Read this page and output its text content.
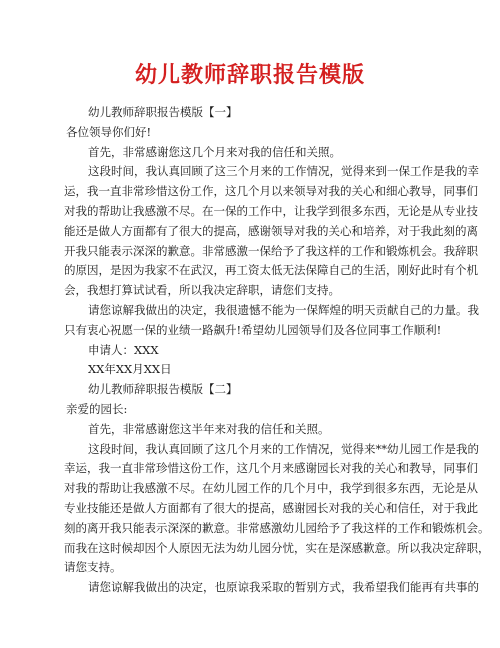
幼儿教师辞职报告模版
幼儿教师辞职报告模版【一】
各位领导你们好!
首先，非常感谢您这几个月来对我的信任和关照。
这段时间，我认真回顾了这三个月来的工作情况，觉得来到一保工作是我的幸
运，我一直非常珍惜这份工作，这几个月以来领导对我的关心和细心教导，同事们
对我的帮助让我感激不尽。在一保的工作中，让我学到很多东西，无论是从专业技
能还是做人方面都有了很大的提高，感谢领导对我的关心和培养，对于我此刻的离
开我只能表示深深的歉意。非常感激一保给予了我这样的工作和锻炼机会。我辞职
的原因，是因为我家不在武汉，再工资太低无法保障自己的生活，刚好此时有个机
会，我想打算试试看，所以我决定辞职，请您们支持。
请您谅解我做出的决定，我很遗憾不能为一保辉煌的明天贡献自己的力量。我
只有衷心祝愿一保的业绩一路飙升!希望幼儿园领导们及各位同事工作顺利!
申请人：XXX
XX年XX月XX日
幼儿教师辞职报告模版【二】
亲爱的园长:
首先，非常感谢您这半年来对我的信任和关照。
这段时间，我认真回顾了这几个月来的工作情况，觉得来**幼儿园工作是我的
幸运，我一直非常珍惜这份工作，这几个月来感谢园长对我的关心和教导，同事们
对我的帮助让我感激不尽。在幼儿园工作的几个月中，我学到很多东西，无论是从
专业技能还是做人方面都有了很大的提高，感谢园长对我的关心和信任，对于我此
刻的离开我只能表示深深的歉意。非常感激幼儿园给予了我这样的工作和锻炼机会。
而我在这时候却因个人原因无法为幼儿园分忧，实在是深感歉意。所以我决定辞职，
请您支持。
请您谅解我做出的决定，也原谅我采取的暂别方式，我希望我们能再有共事的
